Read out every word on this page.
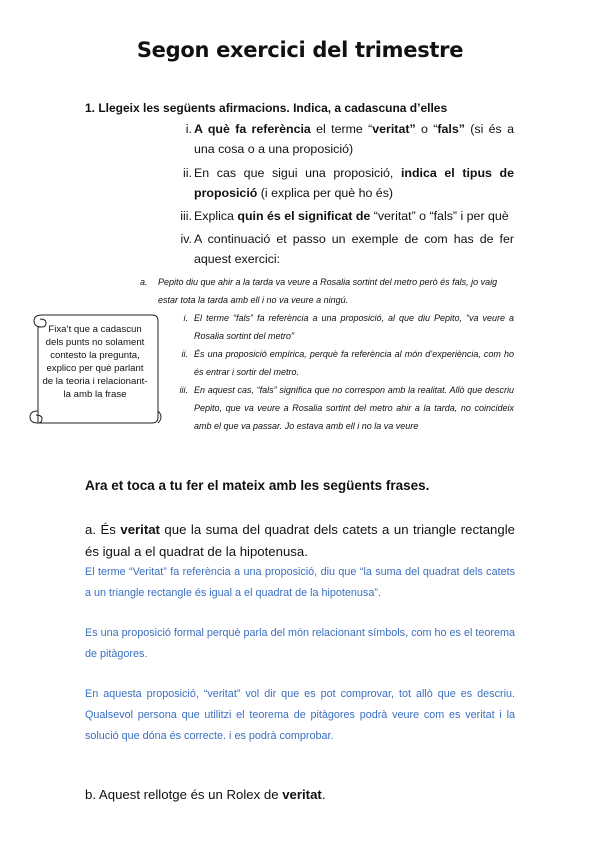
Segon exercici del trimestre
1. Llegeix les següents afirmacions. Indica, a cadascuna d’elles
i. A què fa referència el terme “veritat” o “fals” (si és a una cosa o a una proposició)
ii. En cas que sigui una proposició, indica el tipus de proposició (i explica per què ho és)
iii. Explica quin és el significat de “veritat” o “fals” i per què
iv. A continuació et passo un exemple de com has de fer aquest exercici:
a. Pepito diu que ahir a la tarda va veure a Rosalia sortint del metro però és fals, jo vaig estar tota la tarda amb ell i no va veure a ningú.
i. El terme “fals” fa referència a una proposició, al que diu Pepito, “va veure a Rosalia sortint del metro”
ii. És una proposició empírica, perquè fa referència al món d’experiència, com ho és entrar i sortir del metro.
iii. En aquest cas, “fals” significa que no correspon amb la realitat. Allò que descriu Pepito, que va veure a Rosalia sortint del metro ahir a la tarda, no coincideix amb el que va passar. Jo estava amb ell i no la va veure
Fixa’t que a cadascun dels punts no solament contesto la pregunta, explico per què parlant de la teoria i relacionant-la amb la frase
Ara et toca a tu fer el mateix amb les següents frases.
a. És veritat que la suma del quadrat dels catets a un triangle rectangle és igual a el quadrat de la hipotenusa.
El terme “Veritat” fa referència a una proposició, diu que “la suma del quadrat dels catets a un triangle rectangle és igual a el quadrat de la hipotenusa”.
Es una proposició formal perquè parla del món relacionant símbols, com ho es el teorema de pitàgores.
En aquesta proposició, “veritat” vol dir que es pot comprovar, tot allò que es descriu. Qualsevol persona que utilitzi el teorema de pitàgores podrà veure com es veritat i la solució que dóna és correcte. i es podrà comprobar.
b. Aquest rellotge és un Rolex de veritat.
